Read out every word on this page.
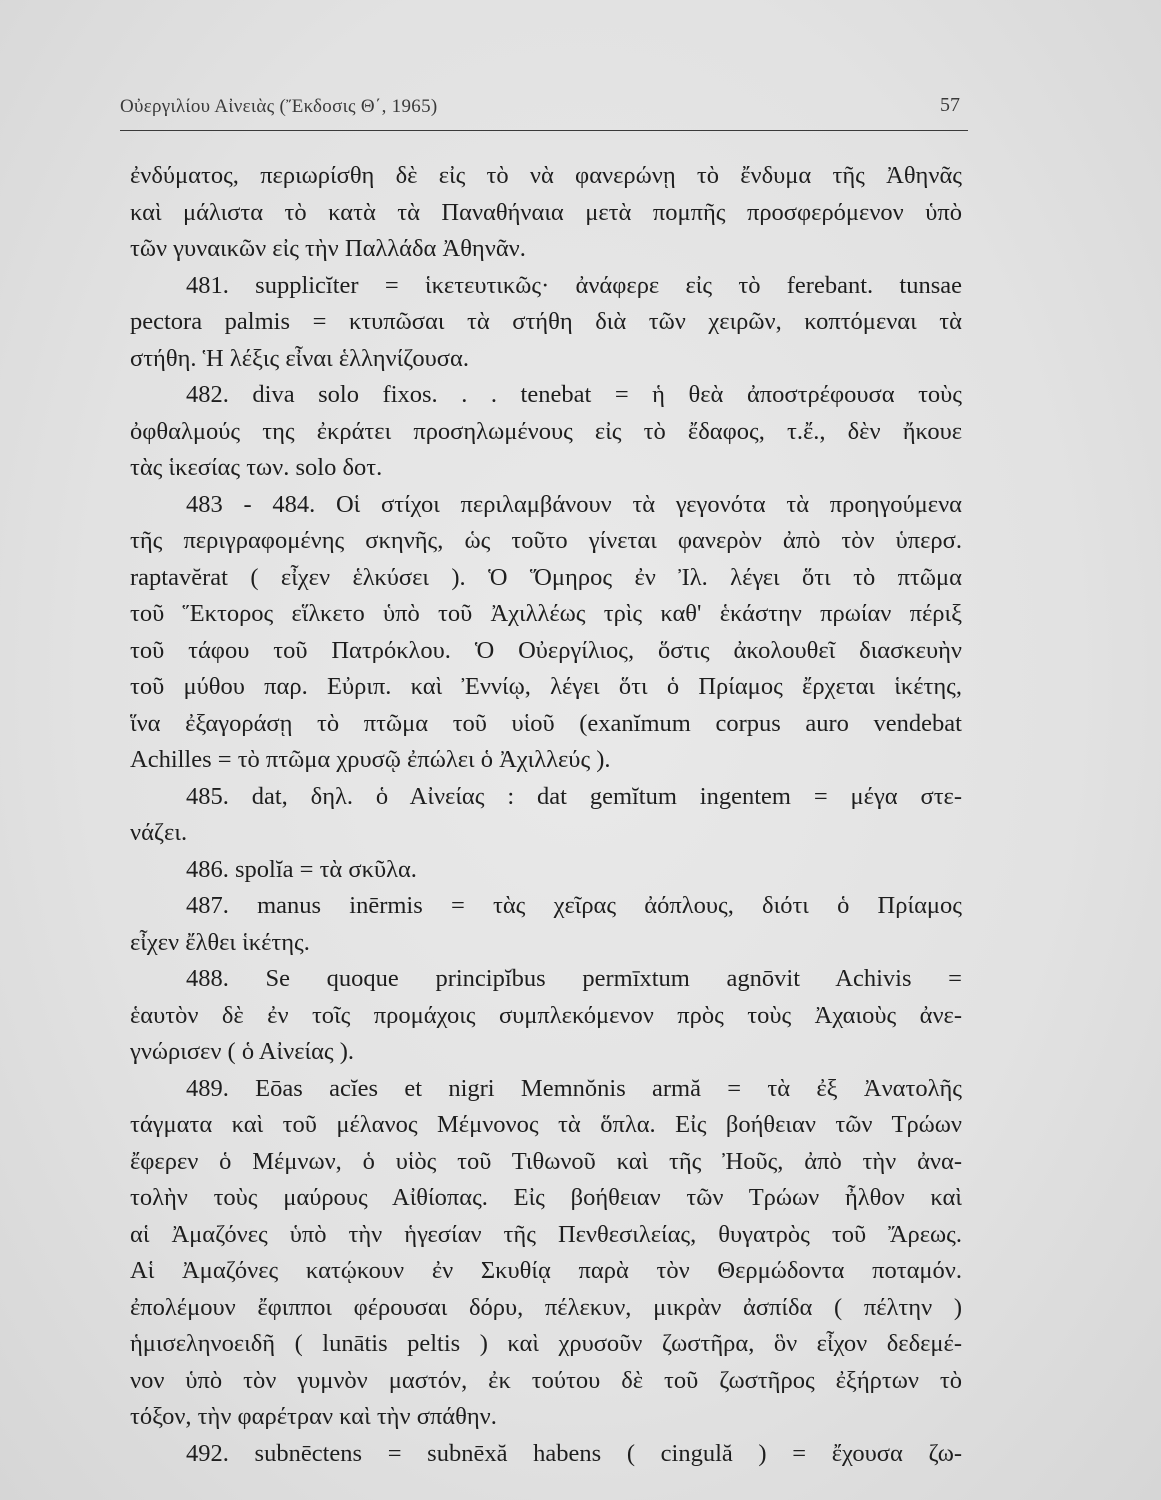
Οὐεργιλίου Αἰνειὰς (Ἔκδοσις Θ΄, 1965)	57
ἐνδύματος, περιωρίσθη δὲ εἰς τὸ νὰ φανερώνῃ τὸ ἔνδυμα τῆς Ἀθηνᾶς
καὶ μάλιστα τὸ κατὰ τὰ Παναθήναια μετὰ πομπῆς προσφερόμενον ὑπὸ
τῶν γυναικῶν εἰς τὴν Παλλάδα Ἀθηνᾶν.
481. supplicĭter = ἱκετευτικῶς· ἀνάφερε εἰς τὸ ferebant. tunsae
pectora palmis = κτυπῶσαι τὰ στήθη διὰ τῶν χειρῶν, κοπτόμεναι τὰ
στήθη. Ἡ λέξις εἶναι ἑλληνίζουσα.
482. diva solo fixos. . . tenebat = ἡ θεὰ ἀποστρέφουσα τοὺς
ὀφθαλμούς της ἐκράτει προσηλωμένους εἰς τὸ ἔδαφος, τ.ἔ., δὲν ἤκουε
τὰς ἱκεσίας των. solo δοτ.
483 - 484. Οἱ στίχοι περιλαμβάνουν τὰ γεγονότα τὰ προηγούμενα
τῆς περιγραφομένης σκηνῆς, ὡς τοῦτο γίνεται φανερὸν ἀπὸ τὸν ὑπερσ.
raptavĕrat ( εἶχεν ἑλκύσει ). Ὁ Ὅμηρος ἐν Ἰλ. λέγει ὅτι τὸ πτῶμα
τοῦ Ἕκτορος εἵλκετο ὑπὸ τοῦ Ἀχιλλέως τρὶς καθ' ἑκάστην πρωίαν πέριξ
τοῦ τάφου τοῦ Πατρόκλου. Ὁ Οὐεργίλιος, ὅστις ἀκολουθεῖ διασκευὴν
τοῦ μύθου παρ. Εὐριπ. καὶ Ἐννίῳ, λέγει ὅτι ὁ Πρίαμος ἔρχεται ἱκέτης,
ἵνα ἐξαγοράσῃ τὸ πτῶμα τοῦ υἱοῦ (exanĭmum corpus auro vendebat
Achilles = τὸ πτῶμα χρυσῷ ἐπώλει ὁ Ἀχιλλεύς ).
485. dat, δηλ. ὁ Αἰνείας : dat gemĭtum ingentem = μέγα στε-
νάζει.
486. spolĭa = τὰ σκῦλα.
487. manus inērmis = τὰς χεῖρας ἀόπλους, διότι ὁ Πρίαμος
εἶχεν ἔλθει ἱκέτης.
488. Se quoque principĭbus permīxtum agnōvit Achivis =
ἑαυτὸν δὲ ἐν τοῖς προμάχοις συμπλεκόμενον πρὸς τοὺς Ἀχαιοὺς ἀνε-
γνώρισεν ( ὁ Αἰνείας ).
489. Eōas acĭes et nigri Memnŏnis armă = τὰ ἐξ Ἀνατολῆς
τάγματα καὶ τοῦ μέλανος Μέμνονος τὰ ὅπλα. Εἰς βοήθειαν τῶν Τρώων
ἔφερεν ὁ Μέμνων, ὁ υἱὸς τοῦ Τιθωνοῦ καὶ τῆς Ἠοῦς, ἀπὸ τὴν ἀνα-
τολὴν τοὺς μαύρους Αἰθίοπας. Εἰς βοήθειαν τῶν Τρώων ἦλθον καὶ
αἱ Ἀμαζόνες ὑπὸ τὴν ἡγεσίαν τῆς Πενθεσιλείας, θυγατρὸς τοῦ Ἄρεως.
Αἱ Ἀμαζόνες κατῴκουν ἐν Σκυθίᾳ παρὰ τὸν Θερμώδοντα ποταμόν.
ἐπολέμουν ἔφιπποι φέρουσαι δόρυ, πέλεκυν, μικρὰν ἀσπίδα ( πέλτην )
ἡμισεληνοειδῆ ( lunātis peltis ) καὶ χρυσοῦν ζωστῆρα, ὃν εἶχον δεδεμέ-
νον ὑπὸ τὸν γυμνὸν μαστόν, ἐκ τούτου δὲ τοῦ ζωστῆρος ἐξήρτων τὸ
τόξον, τὴν φαρέτραν καὶ τὴν σπάθην.
492. subnēctens = subnēxă habens ( cingulă ) = ἔχουσα ζω-
